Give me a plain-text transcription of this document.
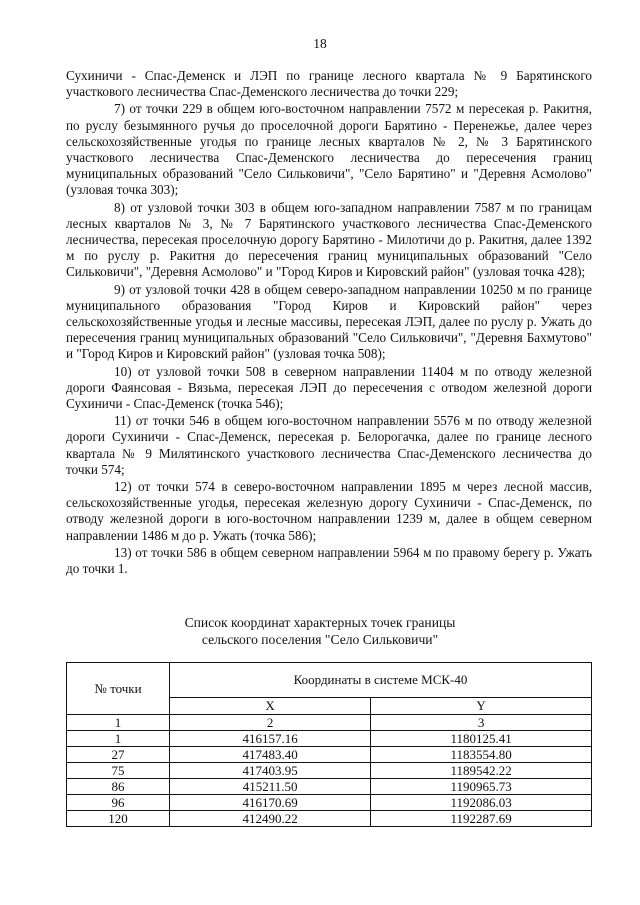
18

Сухиничи - Спас-Деменск и ЛЭП по границе лесного квартала № 9 Барятинского участкового лесничества Спас-Деменского лесничества до точки 229;

7) от точки 229 в общем юго-восточном направлении 7572 м пересекая р. Ракитня, по руслу безымянного ручья до проселочной дороги Барятино - Перенежье, далее через сельскохозяйственные угодья по границе лесных кварталов № 2, № 3 Барятинского участкового лесничества Спас-Деменского лесничества до пересечения границ муниципальных образований "Село Сильковичи", "Село Барятино" и "Деревня Асмолово" (узловая точка 303);

8) от узловой точки 303 в общем юго-западном направлении 7587 м по границам лесных кварталов № 3, № 7 Барятинского участкового лесничества Спас-Деменского лесничества, пересекая проселочную дорогу Барятино - Милотичи до р. Ракитня, далее 1392 м по руслу р. Ракитня до пересечения границ муниципальных образований "Село Сильковичи", "Деревня Асмолово" и "Город Киров и Кировский район" (узловая точка 428);

9) от узловой точки 428 в общем северо-западном направлении 10250 м по границе муниципального образования "Город Киров и Кировский район" через сельскохозяйственные угодья и лесные массивы, пересекая ЛЭП, далее по руслу р. Ужать до пересечения границ муниципальных образований "Село Сильковичи", "Деревня Бахмутово" и "Город Киров и Кировский район" (узловая точка 508);

10) от узловой точки 508 в северном направлении 11404 м по отводу железной дороги Фаянсовая - Вязьма, пересекая ЛЭП до пересечения с отводом железной дороги Сухиничи - Спас-Деменск (точка 546);

11) от точки 546 в общем юго-восточном направлении 5576 м по отводу железной дороги Сухиничи - Спас-Деменск, пересекая р. Белорогачка, далее по границе лесного квартала № 9 Милятинского участкового лесничества Спас-Деменского лесничества до точки 574;

12) от точки 574 в северо-восточном направлении 1895 м через лесной массив, сельскохозяйственные угодья, пересекая железную дорогу Сухиничи - Спас-Деменск, по отводу железной дороги в юго-восточном направлении 1239 м, далее в общем северном направлении 1486 м до р. Ужать (точка 586);

13) от точки 586 в общем северном направлении 5964 м по правому берегу р. Ужать до точки 1.

Список координат характерных точек границы
сельского поселения "Село Сильковичи"
№ точки	Координаты в системе МСК-40	
	X	Y
1	2	3
1	416157.16	1180125.41
27	417483.40	1183554.80
75	417403.95	1189542.22
86	415211.50	1190965.73
96	416170.69	1192086.03
120	412490.22	1192287.69
